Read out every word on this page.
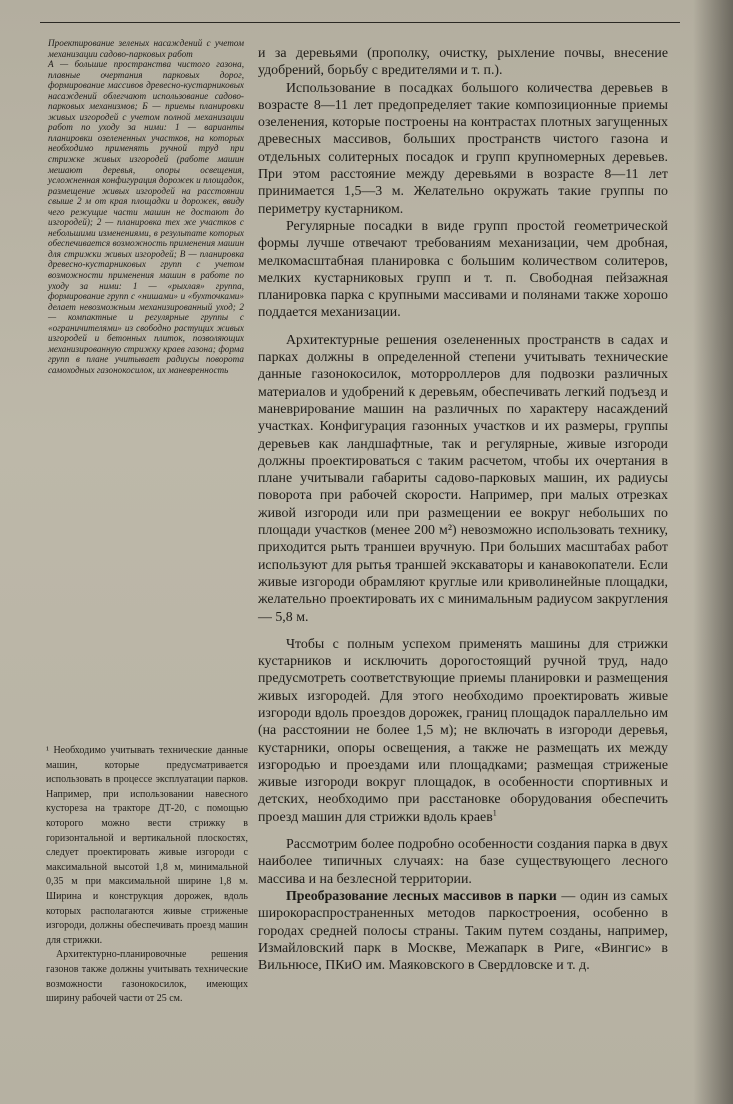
Проектирование зеленых насаждений с учетом механизации садово-парковых работ

А — большие пространства чистого газона, плавные очертания парковых дорог, формирование массивов древесно-кустарниковых насаждений облегчают использование садово-парковых механизмов; Б — приемы планировки живых изгородей с учетом полной механизации работ по уходу за ними: 1 — варианты планировки озелененных участков, на которых необходимо применять ручной труд при стрижке живых изгородей (работе машин мешают деревья, опоры освещения, усложненная конфигурация дорожек и площадок, размещение живых изгородей на расстоянии свыше 2 м от края площадки и дорожек, ввиду чего режущие части машин не достают до изгородей); 2 — планировка тех же участков с небольшими изменениями, в результате которых обеспечивается возможность применения машин для стрижки живых изгородей; В — планировка древесно-кустарниковых групп с учетом возможности применения машин в работе по уходу за ними: 1 — «рыхлая» группа, формирование групп с «нишами» и «бухточками» делает невозможным механизированный уход; 2 — компактные и регулярные группы с «ограничителями» из свободно растущих живых изгородей и бетонных плиток, позволяющих механизированную стрижку краев газона; форма групп в плане учитывает радиусы поворота самоходных газонокосилок, их маневренность

¹ Необходимо учитывать технические данные машин, которые предусматривается использовать в процессе эксплуатации парков. Например, при использовании навесного кустореза на тракторе ДТ-20, с помощью которого можно вести стрижку в горизонтальной и вертикальной плоскостях, следует проектировать живые изгороди с максимальной высотой 1,8 м, минимальной 0,35 м при максимальной ширине 1,8 м. Ширина и конструкция дорожек, вдоль которых располагаются живые стриженые изгороди, должны обеспечивать проезд машин для стрижки.

Архитектурно-планировочные решения газонов также должны учитывать технические возможности газонокосилок, имеющих ширину рабочей части от 25 см.

и за деревьями (прополку, очистку, рыхление почвы, внесение удобрений, борьбу с вредителями и т. п.).

Использование в посадках большого количества деревьев в возрасте 8—11 лет предопределяет такие композиционные приемы озеленения, которые построены на контрастах плотных загущенных древесных массивов, больших пространств чистого газона и отдельных солитерных посадок и групп крупномерных деревьев. При этом расстояние между деревьями в возрасте 8—11 лет принимается 1,5—3 м. Желательно окружать такие группы по периметру кустарником.

Регулярные посадки в виде групп простой геометрической формы лучше отвечают требованиям механизации, чем дробная, мелкомасштабная планировка с большим количеством солитеров, мелких кустарниковых групп и т. п. Свободная пейзажная планировка парка с крупными массивами и полянами также хорошо поддается механизации.

Архитектурные решения озелененных пространств в садах и парках должны в определенной степени учитывать технические данные газонокосилок, моторроллеров для подвозки различных материалов и удобрений к деревьям, обеспечивать легкий подъезд и маневрирование машин на различных по характеру насаждений участках. Конфигурация газонных участков и их размеры, группы деревьев как ландшафтные, так и регулярные, живые изгороди должны проектироваться с таким расчетом, чтобы их очертания в плане учитывали габариты садово-парковых машин, их радиусы поворота при рабочей скорости. Например, при малых отрезках живой изгороди или при размещении ее вокруг небольших по площади участков (менее 200 м²) невозможно использовать технику, приходится рыть траншеи вручную. При больших масштабах работ используют для рытья траншей экскаваторы и канавокопатели. Если живые изгороди обрамляют круглые или криволинейные площадки, желательно проектировать их с минимальным радиусом закругления — 5,8 м.

Чтобы с полным успехом применять машины для стрижки кустарников и исключить дорогостоящий ручной труд, надо предусмотреть соответствующие приемы планировки и размещения живых изгородей. Для этого необходимо проектировать живые изгороди вдоль проездов дорожек, границ площадок параллельно им (на расстоянии не более 1,5 м); не включать в изгороди деревья, кустарники, опоры освещения, а также не размещать их между изгородью и проездами или площадками; размещая стриженые живые изгороди вокруг площадок, в особенности спортивных и детских, необходимо при расстановке оборудования обеспечить проезд машин для стрижки вдоль краев$^1$

Рассмотрим более подробно особенности создания парка в двух наиболее типичных случаях: на базе существующего лесного массива и на безлесной территории.

Преобразование лесных массивов в парки — один из самых широкораспространенных методов паркостроения, особенно в городах средней полосы страны. Таким путем созданы, например, Измайловский парк в Москве, Межапарк в Риге, «Вингис» в Вильнюсе, ПКиО им. Маяковского в Свердловске и т. д.
